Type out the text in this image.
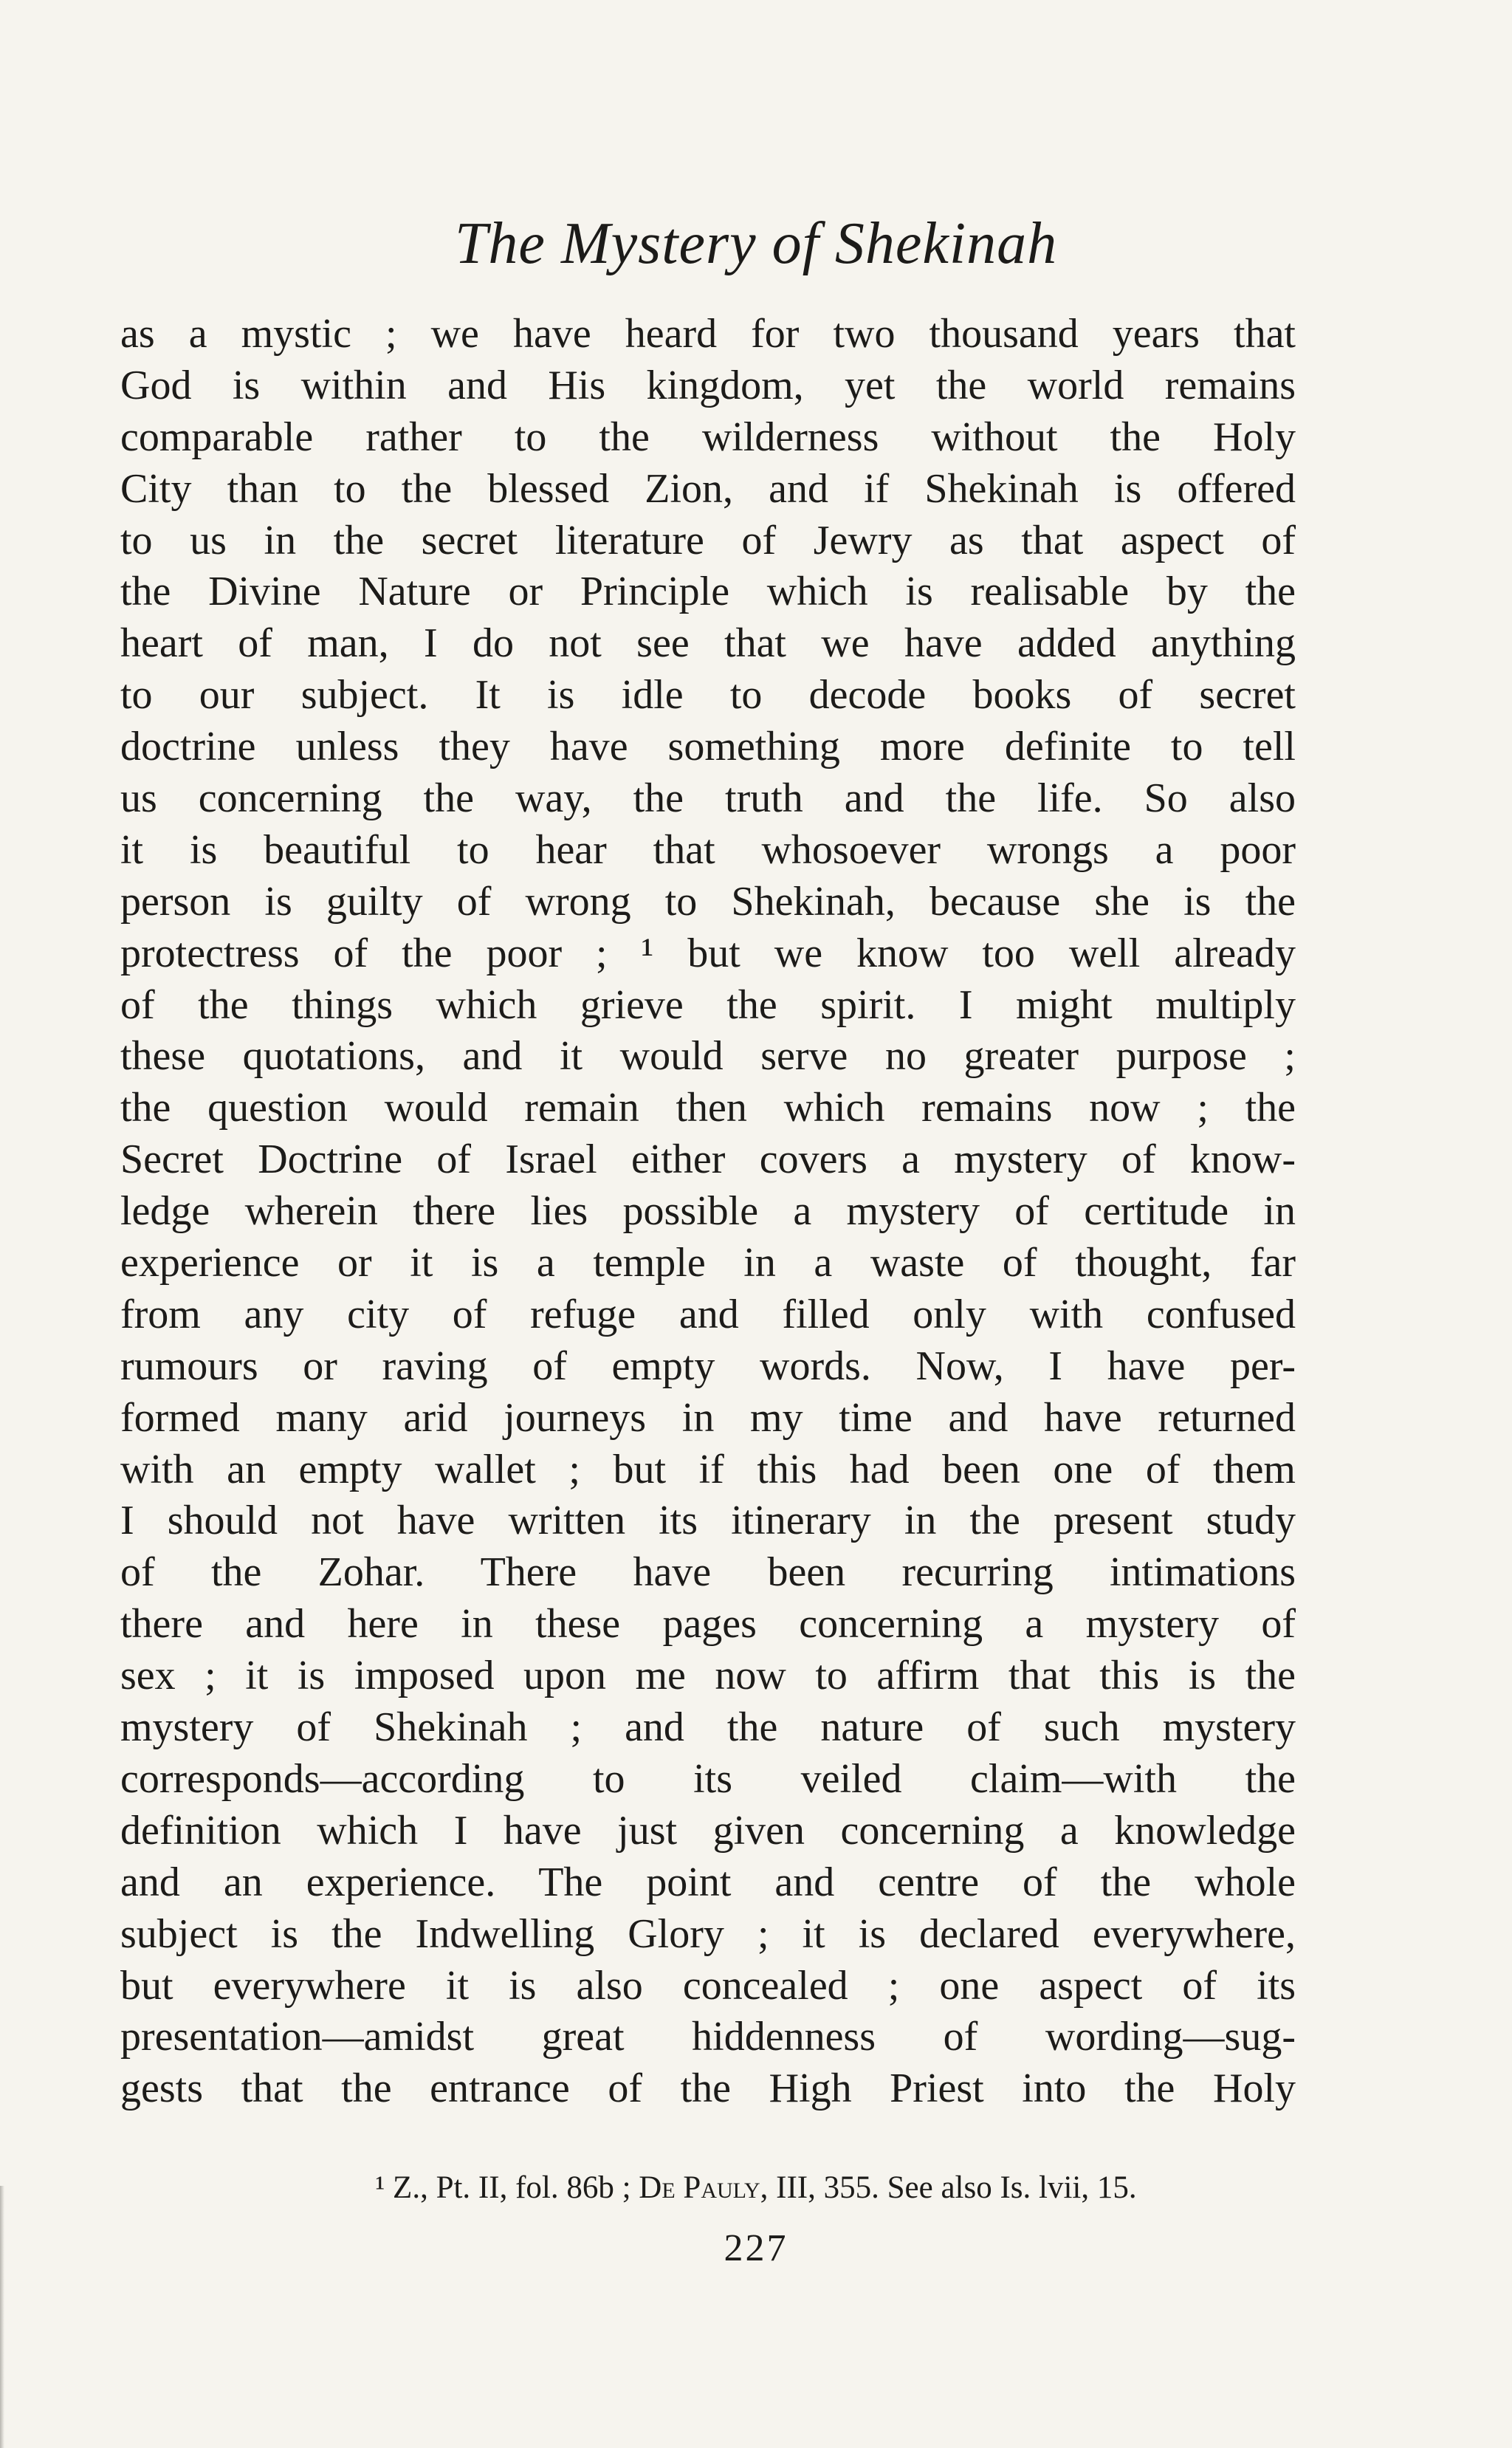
The Mystery of Shekinah
as a mystic ; we have heard for two thousand years that
God is within and His kingdom, yet the world remains
comparable rather to the wilderness without the Holy
City than to the blessed Zion, and if Shekinah is offered
to us in the secret literature of Jewry as that aspect of
the Divine Nature or Principle which is realisable by the
heart of man, I do not see that we have added anything
to our subject. It is idle to decode books of secret
doctrine unless they have something more definite to tell
us concerning the way, the truth and the life. So also
it is beautiful to hear that whosoever wrongs a poor
person is guilty of wrong to Shekinah, because she is the
protectress of the poor ; ¹ but we know too well already
of the things which grieve the spirit. I might multiply
these quotations, and it would serve no greater purpose ;
the question would remain then which remains now ; the
Secret Doctrine of Israel either covers a mystery of know-
ledge wherein there lies possible a mystery of certitude in
experience or it is a temple in a waste of thought, far
from any city of refuge and filled only with confused
rumours or raving of empty words. Now, I have per-
formed many arid journeys in my time and have returned
with an empty wallet ; but if this had been one of them
I should not have written its itinerary in the present study
of the Zohar. There have been recurring intimations
there and here in these pages concerning a mystery of
sex ; it is imposed upon me now to affirm that this is the
mystery of Shekinah ; and the nature of such mystery
corresponds—according to its veiled claim—with the
definition which I have just given concerning a knowledge
and an experience. The point and centre of the whole
subject is the Indwelling Glory ; it is declared everywhere,
but everywhere it is also concealed ; one aspect of its
presentation—amidst great hiddenness of wording—sug-
gests that the entrance of the High Priest into the Holy
¹ Z., Pt. II, fol. 86b ; De Pauly, III, 355. See also Is. lvii, 15.
227
